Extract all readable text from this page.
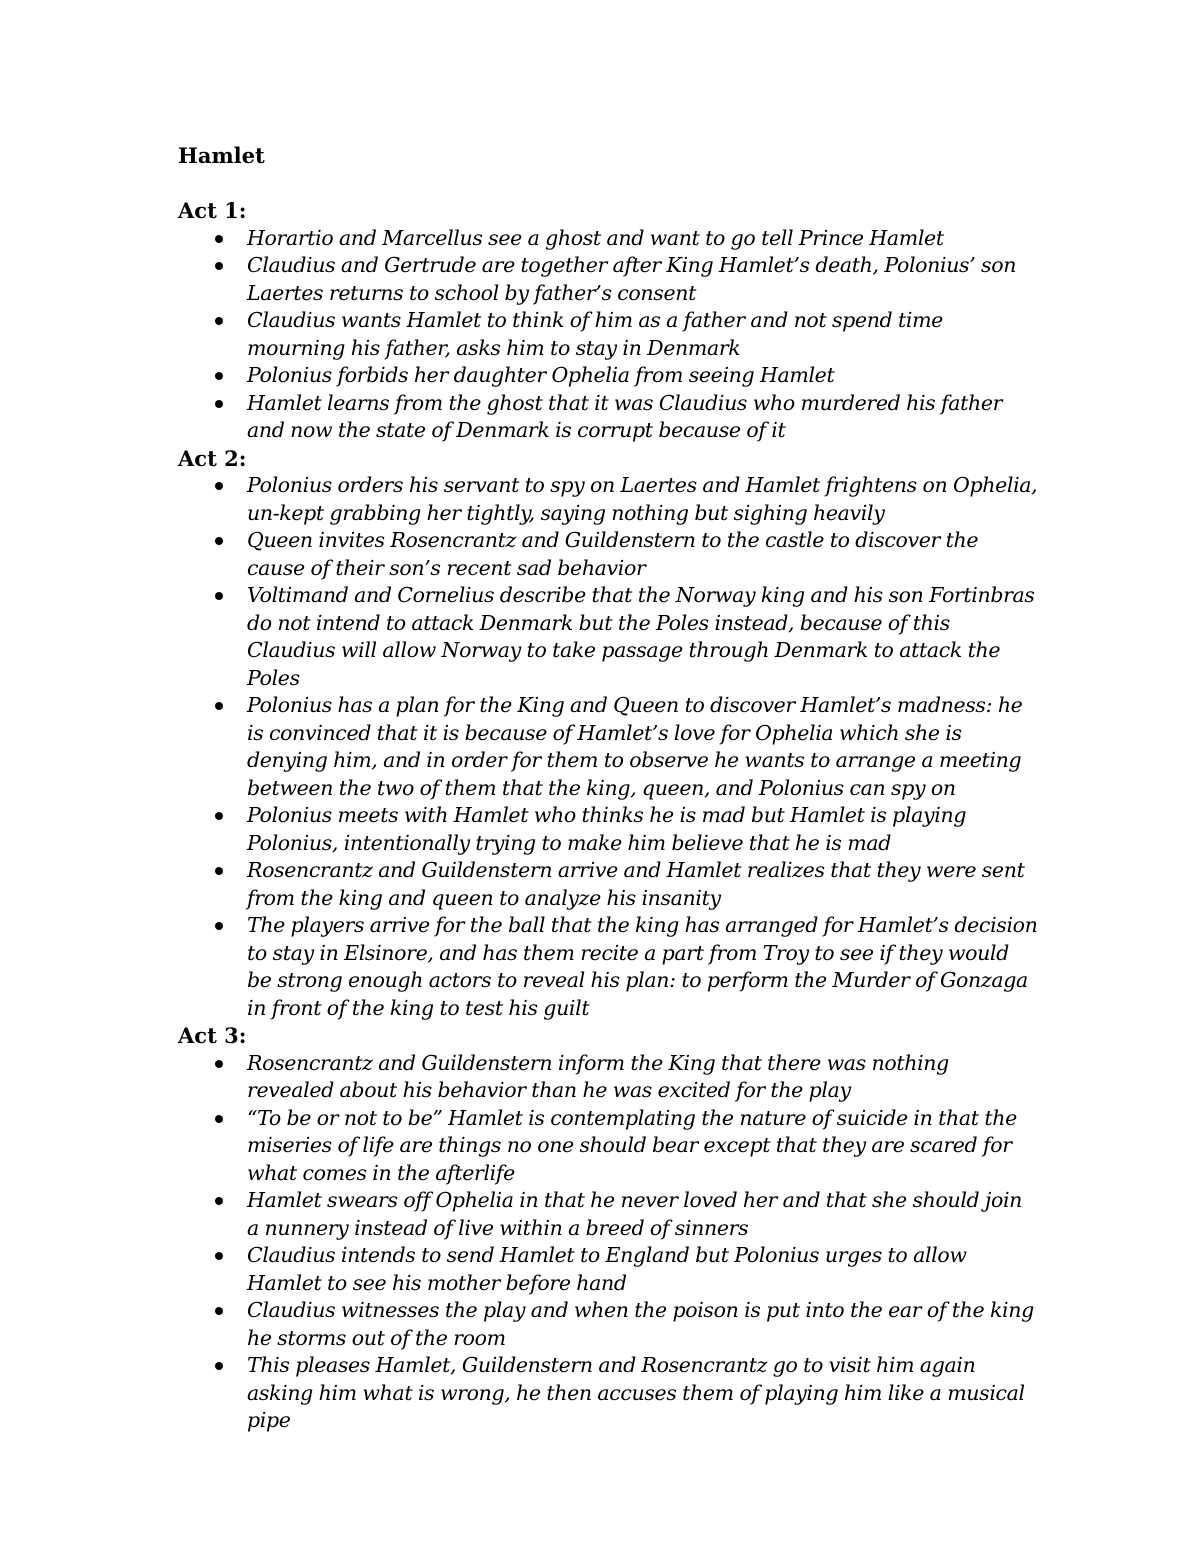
Hamlet
Act 1:
Horartio and Marcellus see a ghost and want to go tell Prince Hamlet
Claudius and Gertrude are together after King Hamlet’s death, Polonius’ son Laertes returns to school by father’s consent
Claudius wants Hamlet to think of him as a father and not spend time mourning his father, asks him to stay in Denmark
Polonius forbids her daughter Ophelia from seeing Hamlet
Hamlet learns from the ghost that it was Claudius who murdered his father and now the state of Denmark is corrupt because of it
Act 2:
Polonius orders his servant to spy on Laertes and Hamlet frightens on Ophelia, un-kept grabbing her tightly, saying nothing but sighing heavily
Queen invites Rosencrantz and Guildenstern to the castle to discover the cause of their son’s recent sad behavior
Voltimand and Cornelius describe that the Norway king and his son Fortinbras do not intend to attack Denmark but the Poles instead, because of this Claudius will allow Norway to take passage through Denmark to attack the Poles
Polonius has a plan for the King and Queen to discover Hamlet’s madness: he is convinced that it is because of Hamlet’s love for Ophelia which she is denying him, and in order for them to observe he wants to arrange a meeting between the two of them that the king, queen, and Polonius can spy on
Polonius meets with Hamlet who thinks he is mad but Hamlet is playing Polonius, intentionally trying to make him believe that he is mad
Rosencrantz and Guildenstern arrive and Hamlet realizes that they were sent from the king and queen to analyze his insanity
The players arrive for the ball that the king has arranged for Hamlet’s decision to stay in Elsinore, and has them recite a part from Troy to see if they would be strong enough actors to reveal his plan: to perform the Murder of Gonzaga in front of the king to test his guilt
Act 3:
Rosencrantz and Guildenstern inform the King that there was nothing revealed about his behavior than he was excited for the play
“To be or not to be” Hamlet is contemplating the nature of suicide in that the miseries of life are things no one should bear except that they are scared for what comes in the afterlife
Hamlet swears off Ophelia in that he never loved her and that she should join a nunnery instead of live within a breed of sinners
Claudius intends to send Hamlet to England but Polonius urges to allow Hamlet to see his mother before hand
Claudius witnesses the play and when the poison is put into the ear of the king he storms out of the room
This pleases Hamlet, Guildenstern and Rosencrantz go to visit him again asking him what is wrong, he then accuses them of playing him like a musical pipe
